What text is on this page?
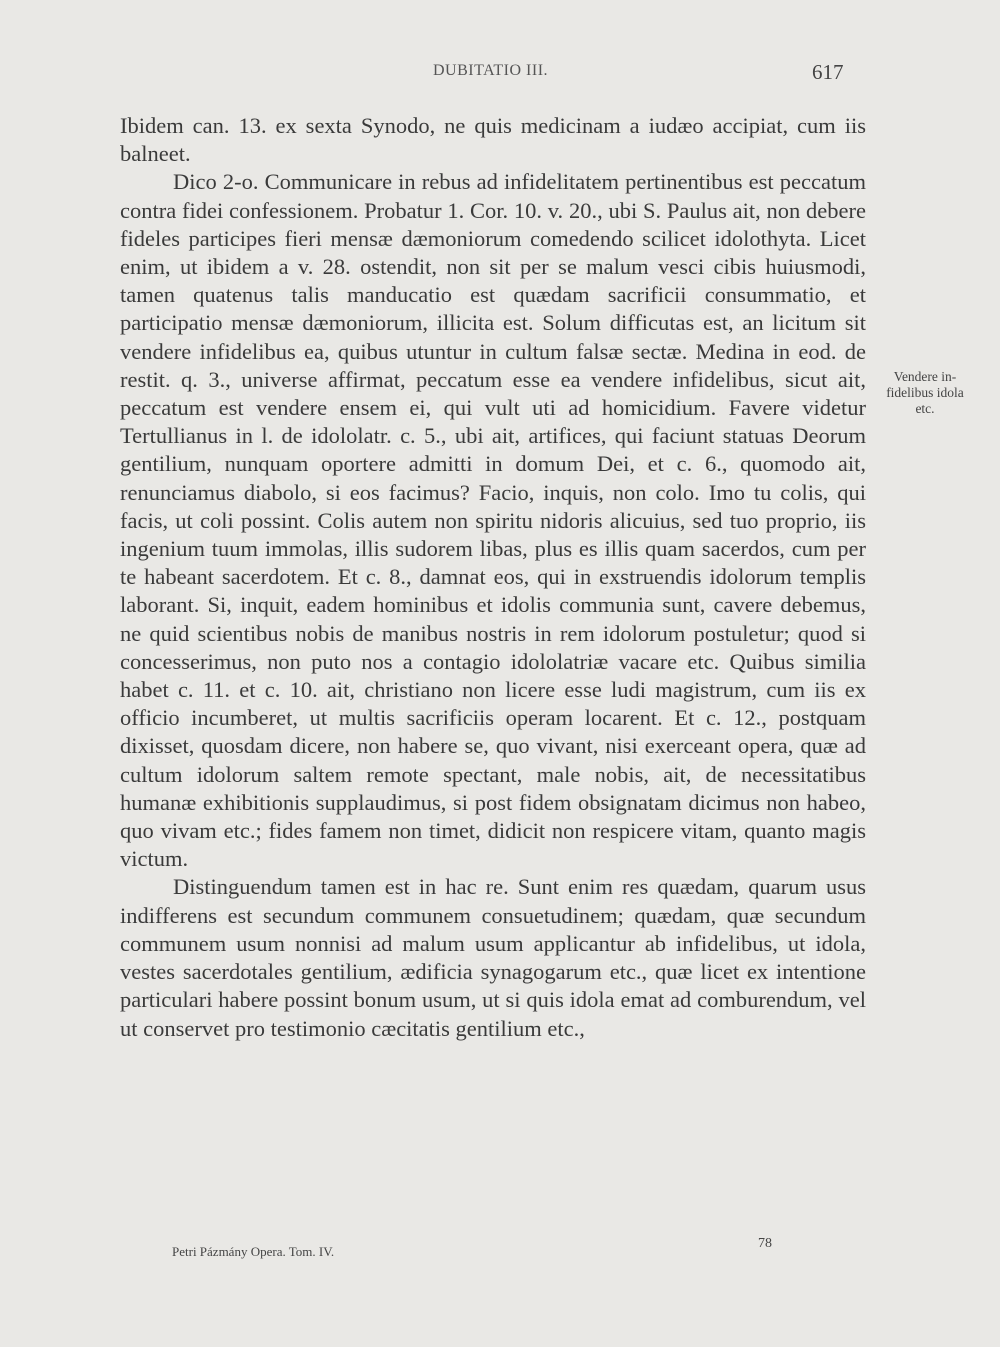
DUBITATIO III.	617

Ibidem can. 13. ex sexta Synodo, ne quis medicinam a iudæo accipiat, cum iis balneet.

Dico 2-o. Communicare in rebus ad infidelitatem pertinentibus est peccatum contra fidei confessionem. Probatur 1. Cor. 10. v. 20., ubi S. Paulus ait, non debere fideles participes fieri mensæ dæmoniorum comedendo scilicet idolothyta. Licet enim, ut ibidem a v. 28. ostendit, non sit per se malum vesci cibis huiusmodi, tamen quatenus talis manducatio est quædam sacrificii consummatio, et participatio mensæ dæmoniorum, illicita est. Solum difficutas est, an licitum sit vendere infidelibus ea, quibus utuntur in cultum falsæ sectæ. Medina in eod. de restit. q. 3., universe affirmat, peccatum esse ea vendere infidelibus, sicut ait, peccatum est vendere ensem ei, qui vult uti ad homicidium. Favere videtur Tertullianus in l. de idololatr. c. 5., ubi ait, artifices, qui faciunt statuas Deorum gentilium, nunquam oportere admitti in domum Dei, et c. 6., quomodo ait, renunciamus diabolo, si eos facimus? Facio, inquis, non colo. Imo tu colis, qui facis, ut coli possint. Colis autem non spiritu nidoris alicuius, sed tuo proprio, iis ingenium tuum immolas, illis sudorem libas, plus es illis quam sacerdos, cum per te habeant sacerdotem. Et c. 8., damnat eos, qui in exstruendis idolorum templis laborant. Si, inquit, eadem hominibus et idolis communia sunt, cavere debemus, ne quid scientibus nobis de manibus nostris in rem idolorum postuletur; quod si concesserimus, non puto nos a contagio idololatriæ vacare etc. Quibus similia habet c. 11. et c. 10. ait, christiano non licere esse ludi magistrum, cum iis ex officio incumberet, ut multis sacrificiis operam locarent. Et c. 12., postquam dixisset, quosdam dicere, non habere se, quo vivant, nisi exerceant opera, quæ ad cultum idolorum saltem remote spectant, male nobis, ait, de necessitatibus humanæ exhibitionis supplaudimus, si post fidem obsignatam dicimus non habeo, quo vivam etc.; fides famem non timet, didicit non respicere vitam, quanto magis victum.

Distinguendum tamen est in hac re. Sunt enim res quædam, quarum usus indifferens est secundum communem consuetudinem; quædam, quæ secundum communem usum nonnisi ad malum usum applicantur ab infidelibus, ut idola, vestes sacerdotales gentilium, ædificia synagogarum etc., quæ licet ex intentione particulari habere possint bonum usum, ut si quis idola emat ad comburendum, vel ut conservet pro testimonio cæcitatis gentilium etc.,

Vendere in-
fidelibus idola
etc.
Petri Pázmány Opera. Tom. IV.
78
